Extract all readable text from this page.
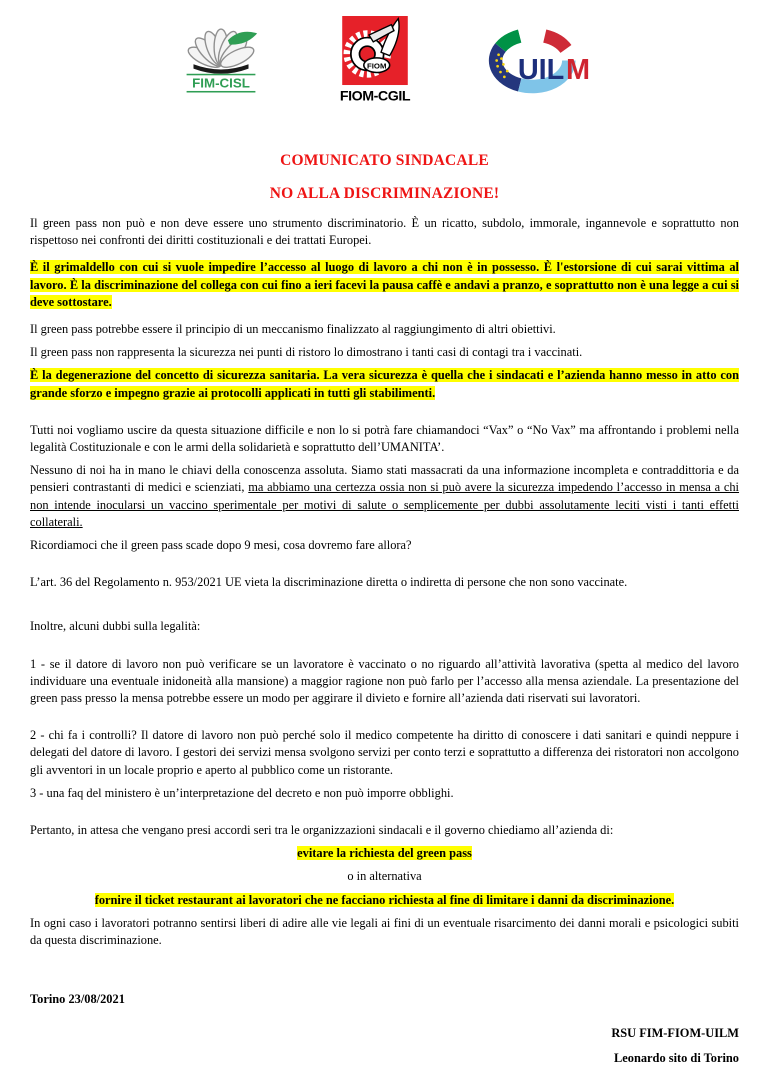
FIM-CISL
FIOM
FIOM-CGIL
UIL M
COMUNICATO SINDACALE
NO ALLA DISCRIMINAZIONE!

Il green pass non può e non deve essere uno strumento discriminatorio. È un ricatto, subdolo, immorale, ingannevole e soprattutto non rispettoso nei confronti dei diritti costituzionali e dei trattati Europei.

È il grimaldello con cui si vuole impedire l’accesso al luogo di lavoro a chi non è in possesso. È l'estorsione di cui sarai vittima al lavoro. È la discriminazione del collega con cui fino a ieri facevi la pausa caffè e andavi a pranzo, e soprattutto non è una legge a cui si deve sottostare.

Il green pass potrebbe essere il principio di un meccanismo finalizzato al raggiungimento di altri obiettivi.

Il green pass non rappresenta la sicurezza nei punti di ristoro lo dimostrano i tanti casi di contagi tra i vaccinati.

È la degenerazione del concetto di sicurezza sanitaria. La vera sicurezza è quella che i sindacati e l’azienda hanno messo in atto con grande sforzo e impegno grazie ai protocolli applicati in tutti gli stabilimenti.

Tutti noi vogliamo uscire da questa situazione difficile e non lo si potrà fare chiamandoci “Vax” o “No Vax” ma affrontando i problemi nella legalità Costituzionale e con le armi della solidarietà e soprattutto dell’UMANITA’.

Nessuno di noi ha in mano le chiavi della conoscenza assoluta. Siamo stati massacrati da una informazione incompleta e contraddittoria e da pensieri contrastanti di medici e scienziati, ma abbiamo una certezza ossia non si può avere la sicurezza impedendo l’accesso in mensa a chi non intende inocularsi un vaccino sperimentale per motivi di salute o semplicemente per dubbi assolutamente leciti visti i tanti effetti collaterali.

Ricordiamoci che il green pass scade dopo 9 mesi, cosa dovremo fare allora?

L’art. 36 del Regolamento n. 953/2021 UE vieta la discriminazione diretta o indiretta di persone che non sono vaccinate.

Inoltre, alcuni dubbi sulla legalità:

1 - se il datore di lavoro non può verificare se un lavoratore è vaccinato o no riguardo all’attività lavorativa (spetta al medico del lavoro individuare una eventuale inidoneità alla mansione) a maggior ragione non può farlo per l’accesso alla mensa aziendale. La presentazione del green pass presso la mensa potrebbe essere un modo per aggirare il divieto e fornire all’azienda dati riservati sui lavoratori.

2 - chi fa i controlli? Il datore di lavoro non può perché solo il medico competente ha diritto di conoscere i dati sanitari e quindi neppure i delegati del datore di lavoro. I gestori dei servizi mensa svolgono servizi per conto terzi e soprattutto a differenza dei ristoratori non accolgono gli avventori in un locale proprio e aperto al pubblico come un ristorante.

3 - una faq del ministero è un’interpretazione del decreto e non può imporre obblighi.

Pertanto, in attesa che vengano presi accordi seri tra le organizzazioni sindacali e il governo chiediamo all’azienda di:

evitare la richiesta del green pass

o in alternativa

fornire il ticket restaurant ai lavoratori che ne facciano richiesta al fine di limitare i danni da discriminazione.

In ogni caso i lavoratori potranno sentirsi liberi di adire alle vie legali ai fini di un eventuale risarcimento dei danni morali e psicologici subiti da questa discriminazione.

Torino 23/08/2021

RSU FIM-FIOM-UILM

Leonardo sito di Torino
